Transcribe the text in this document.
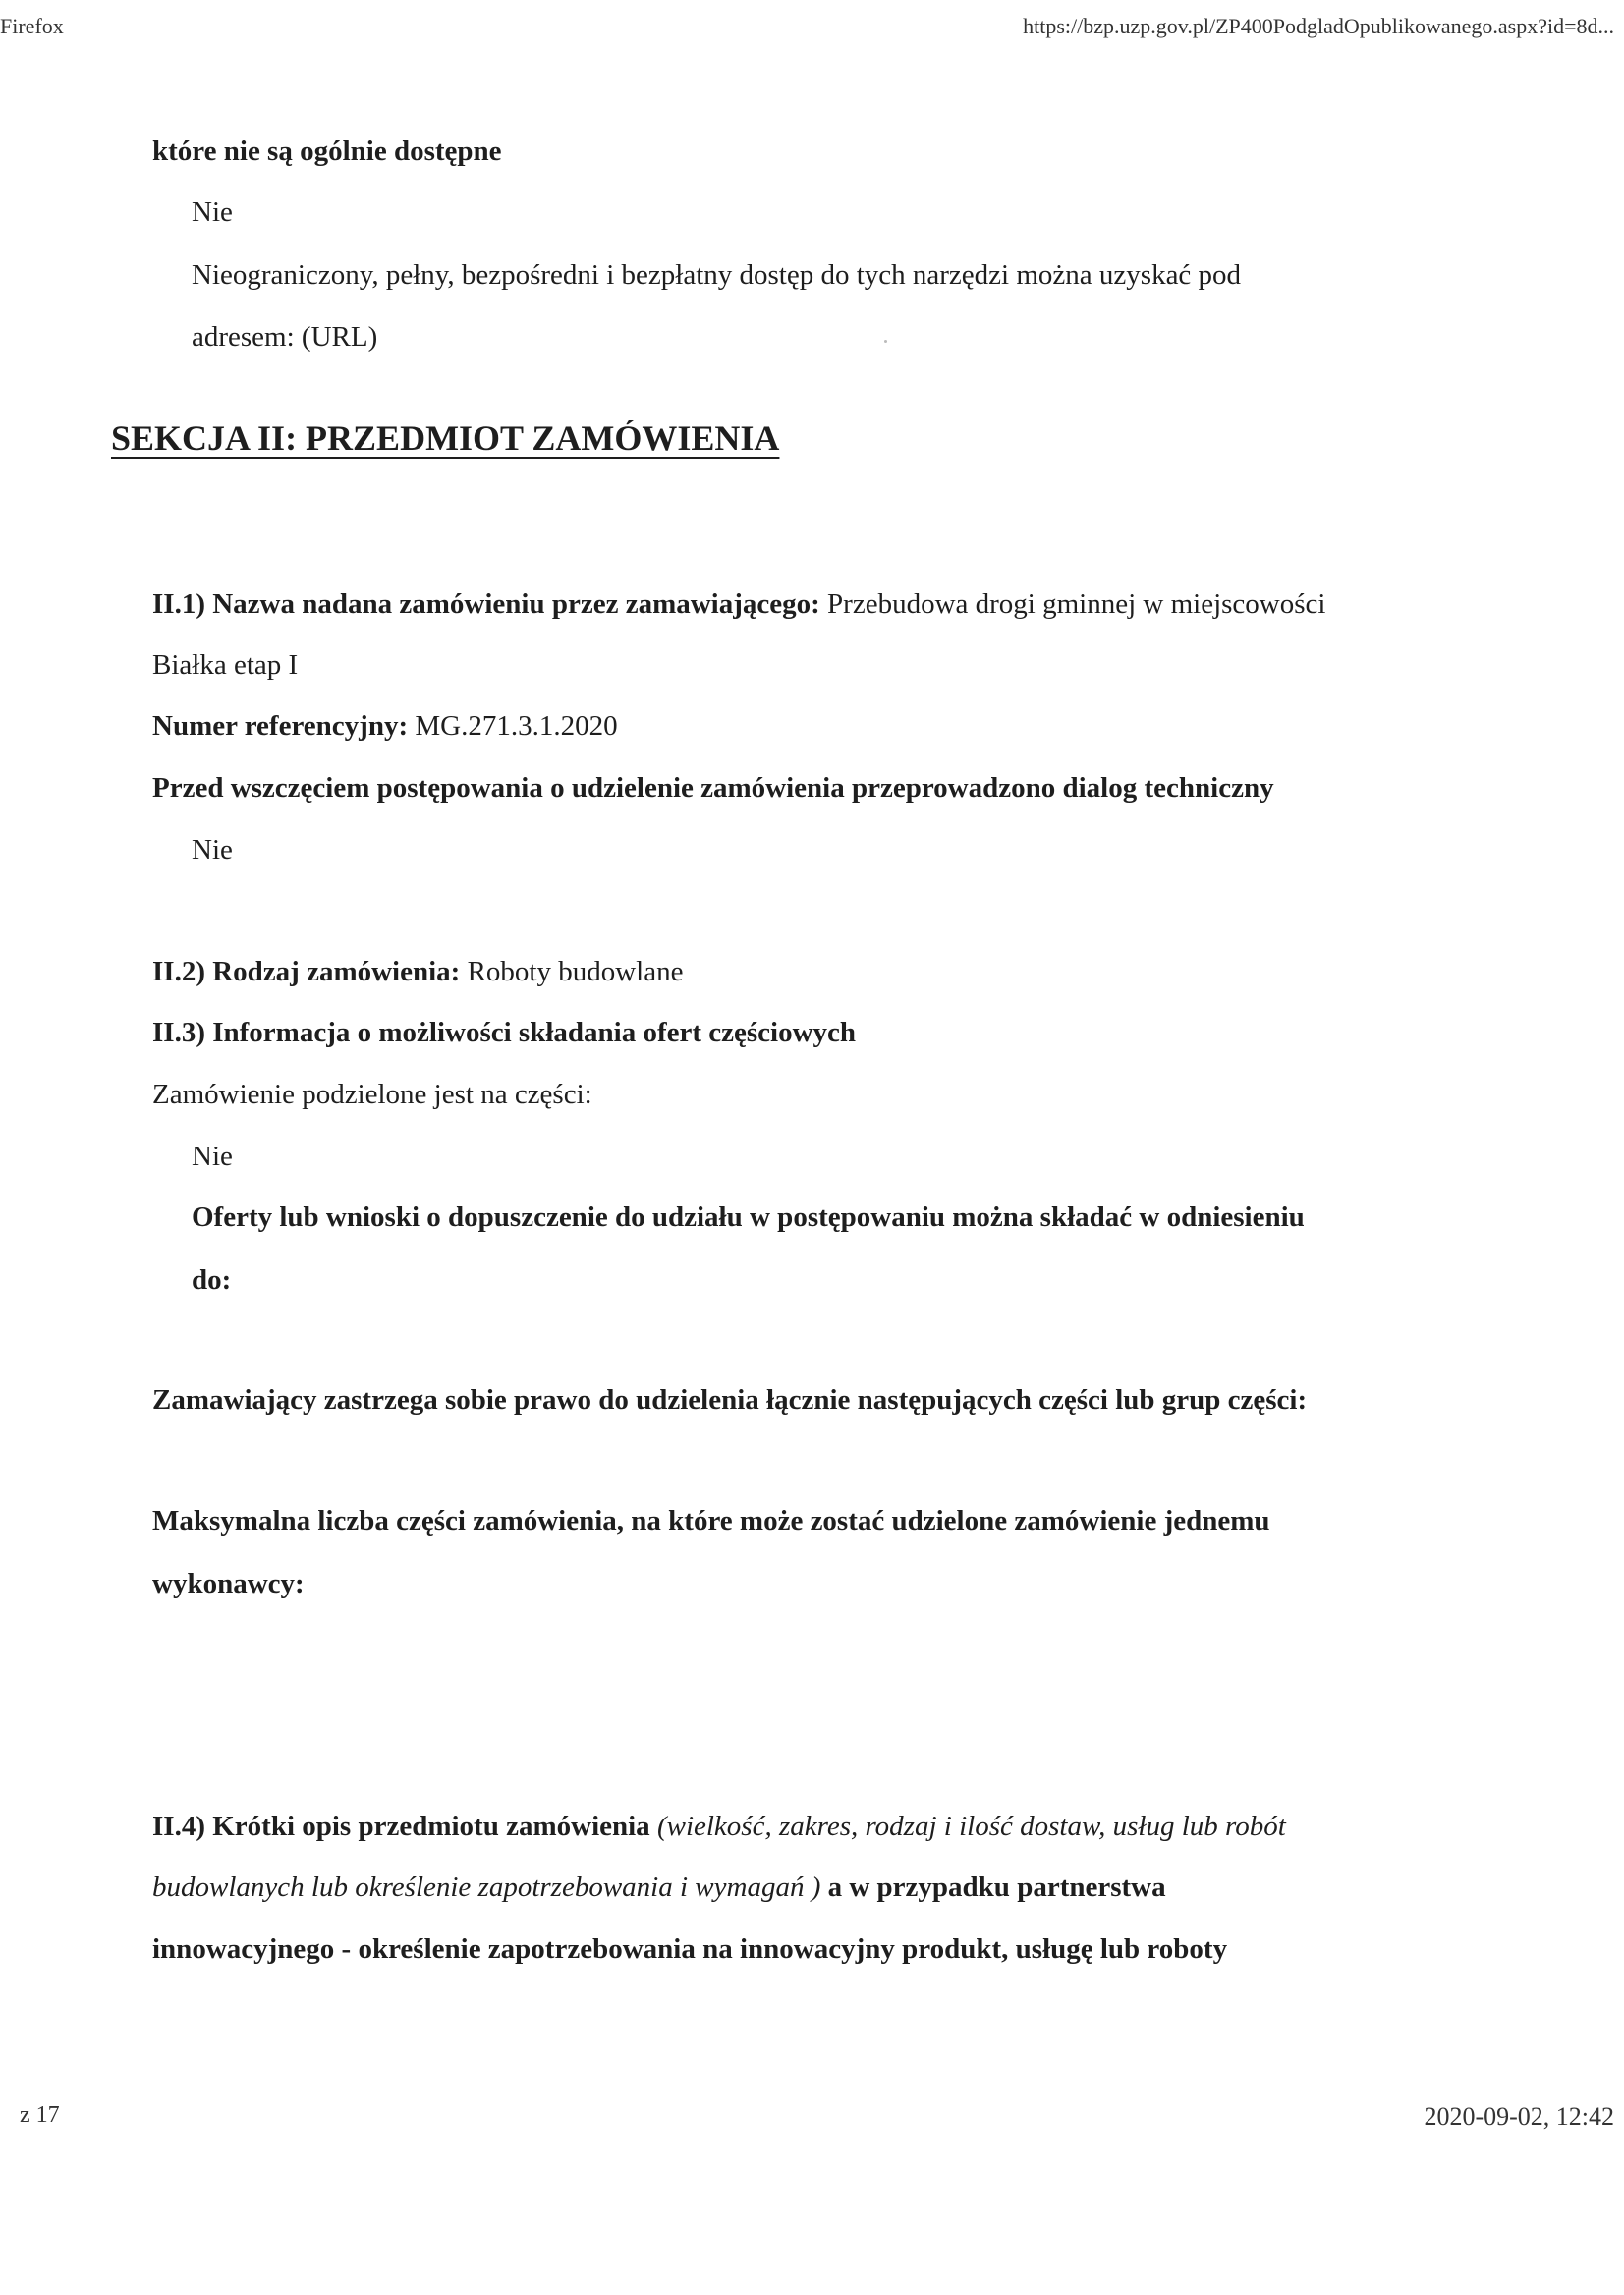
Firefox	https://bzp.uzp.gov.pl/ZP400PodgladOpublikowanego.aspx?id=8d...
które nie są ogólnie dostępne
Nie
Nieograniczony, pełny, bezpośredni i bezpłatny dostęp do tych narzędzi można uzyskać pod
adresem: (URL)
SEKCJA II: PRZEDMIOT ZAMÓWIENIA
II.1) Nazwa nadana zamówieniu przez zamawiającego: Przebudowa drogi gminnej w miejscowości
Białka etap I
Numer referencyjny: MG.271.3.1.2020
Przed wszczęciem postępowania o udzielenie zamówienia przeprowadzono dialog techniczny
Nie
II.2) Rodzaj zamówienia: Roboty budowlane
II.3) Informacja o możliwości składania ofert częściowych
Zamówienie podzielone jest na części:
Nie
Oferty lub wnioski o dopuszczenie do udziału w postępowaniu można składać w odniesieniu
do:
Zamawiający zastrzega sobie prawo do udzielenia łącznie następujących części lub grup części:
Maksymalna liczba części zamówienia, na które może zostać udzielone zamówienie jednemu
wykonawcy:
II.4) Krótki opis przedmiotu zamówienia (wielkość, zakres, rodzaj i ilość dostaw, usług lub robót
budowlanych lub określenie zapotrzebowania i wymagań ) a w przypadku partnerstwa
innowacyjnego - określenie zapotrzebowania na innowacyjny produkt, usługę lub roboty
z 17	2020-09-02, 12:42
